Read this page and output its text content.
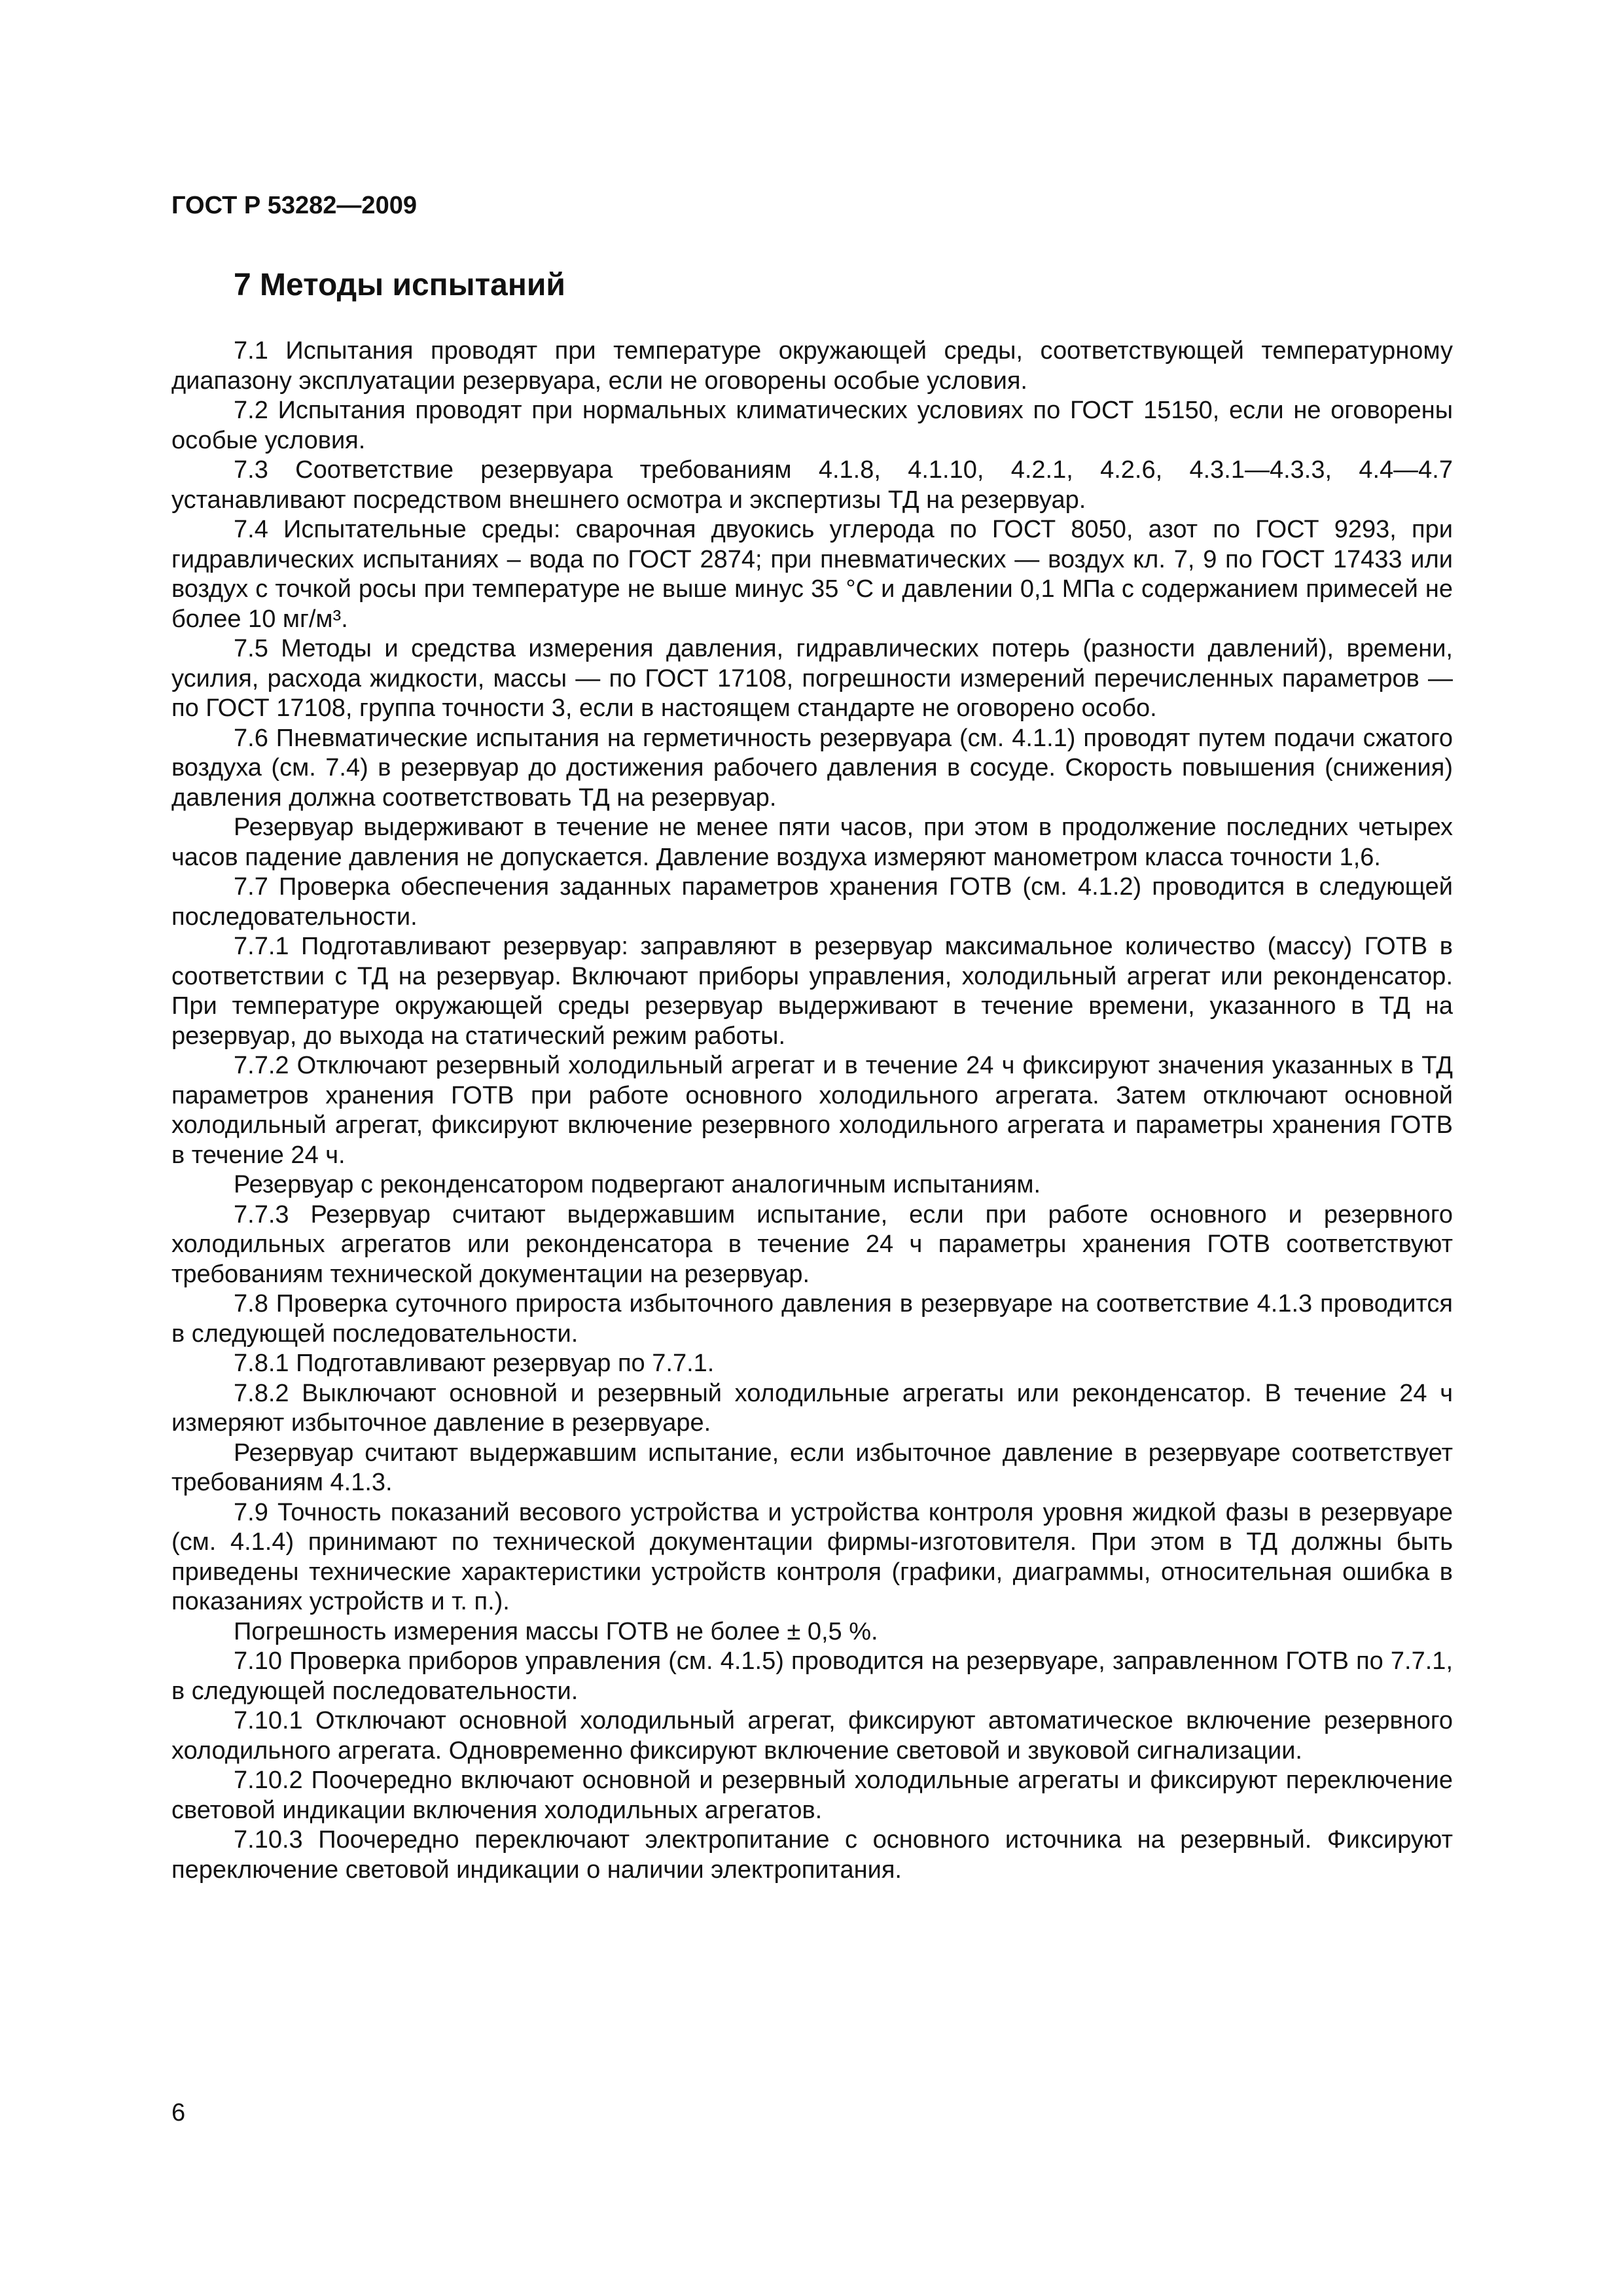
ГОСТ Р 53282—2009
7 Методы испытаний

7.1 Испытания проводят при температуре окружающей среды, соответствующей температурному диапазону эксплуатации резервуара, если не оговорены особые условия.

7.2 Испытания проводят при нормальных климатических условиях по ГОСТ 15150, если не оговорены особые условия.

7.3 Соответствие резервуара требованиям 4.1.8, 4.1.10, 4.2.1, 4.2.6, 4.3.1—4.3.3, 4.4—4.7 устанавливают посредством внешнего осмотра и экспертизы ТД на резервуар.

7.4 Испытательные среды: сварочная двуокись углерода по ГОСТ 8050, азот по ГОСТ 9293, при гидравлических испытаниях – вода по ГОСТ 2874; при пневматических — воздух кл. 7, 9 по ГОСТ 17433 или воздух с точкой росы при температуре не выше минус 35 °С и давлении 0,1 МПа с содержанием примесей не более 10 мг/м³.

7.5 Методы и средства измерения давления, гидравлических потерь (разности давлений), времени, усилия, расхода жидкости, массы — по ГОСТ 17108, погрешности измерений перечисленных параметров — по ГОСТ 17108, группа точности 3, если в настоящем стандарте не оговорено особо.

7.6 Пневматические испытания на герметичность резервуара (см. 4.1.1) проводят путем подачи сжатого воздуха (см. 7.4) в резервуар до достижения рабочего давления в сосуде. Скорость повышения (снижения) давления должна соответствовать ТД на резервуар.

Резервуар выдерживают в течение не менее пяти часов, при этом в продолжение последних четырех часов падение давления не допускается. Давление воздуха измеряют манометром класса точности 1,6.

7.7 Проверка обеспечения заданных параметров хранения ГОТВ (см. 4.1.2) проводится в следующей последовательности.

7.7.1 Подготавливают резервуар: заправляют в резервуар максимальное количество (массу) ГОТВ в соответствии с ТД на резервуар. Включают приборы управления, холодильный агрегат или реконденсатор. При температуре окружающей среды резервуар выдерживают в течение времени, указанного в ТД на резервуар, до выхода на статический режим работы.

7.7.2 Отключают резервный холодильный агрегат и в течение 24 ч фиксируют значения указанных в ТД параметров хранения ГОТВ при работе основного холодильного агрегата. Затем отключают основной холодильный агрегат, фиксируют включение резервного холодильного агрегата и параметры хранения ГОТВ в течение 24 ч.

Резервуар с реконденсатором подвергают аналогичным испытаниям.

7.7.3 Резервуар считают выдержавшим испытание, если при работе основного и резервного холодильных агрегатов или реконденсатора в течение 24 ч параметры хранения ГОТВ соответствуют требованиям технической документации на резервуар.

7.8 Проверка суточного прироста избыточного давления в резервуаре на соответствие 4.1.3 проводится в следующей последовательности.

7.8.1 Подготавливают резервуар по 7.7.1.

7.8.2 Выключают основной и резервный холодильные агрегаты или реконденсатор. В течение 24 ч измеряют избыточное давление в резервуаре.

Резервуар считают выдержавшим испытание, если избыточное давление в резервуаре соответствует требованиям 4.1.3.

7.9 Точность показаний весового устройства и устройства контроля уровня жидкой фазы в резервуаре (см. 4.1.4) принимают по технической документации фирмы-изготовителя. При этом в ТД должны быть приведены технические характеристики устройств контроля (графики, диаграммы, относительная ошибка в показаниях устройств и т. п.).

Погрешность измерения массы ГОТВ не более ± 0,5 %.

7.10 Проверка приборов управления (см. 4.1.5) проводится на резервуаре, заправленном ГОТВ по 7.7.1, в следующей последовательности.

7.10.1 Отключают основной холодильный агрегат, фиксируют автоматическое включение резервного холодильного агрегата. Одновременно фиксируют включение световой и звуковой сигнализации.

7.10.2 Поочередно включают основной и резервный холодильные агрегаты и фиксируют переключение световой индикации включения холодильных агрегатов.

7.10.3 Поочередно переключают электропитание с основного источника на резервный. Фиксируют переключение световой индикации о наличии электропитания.

6
